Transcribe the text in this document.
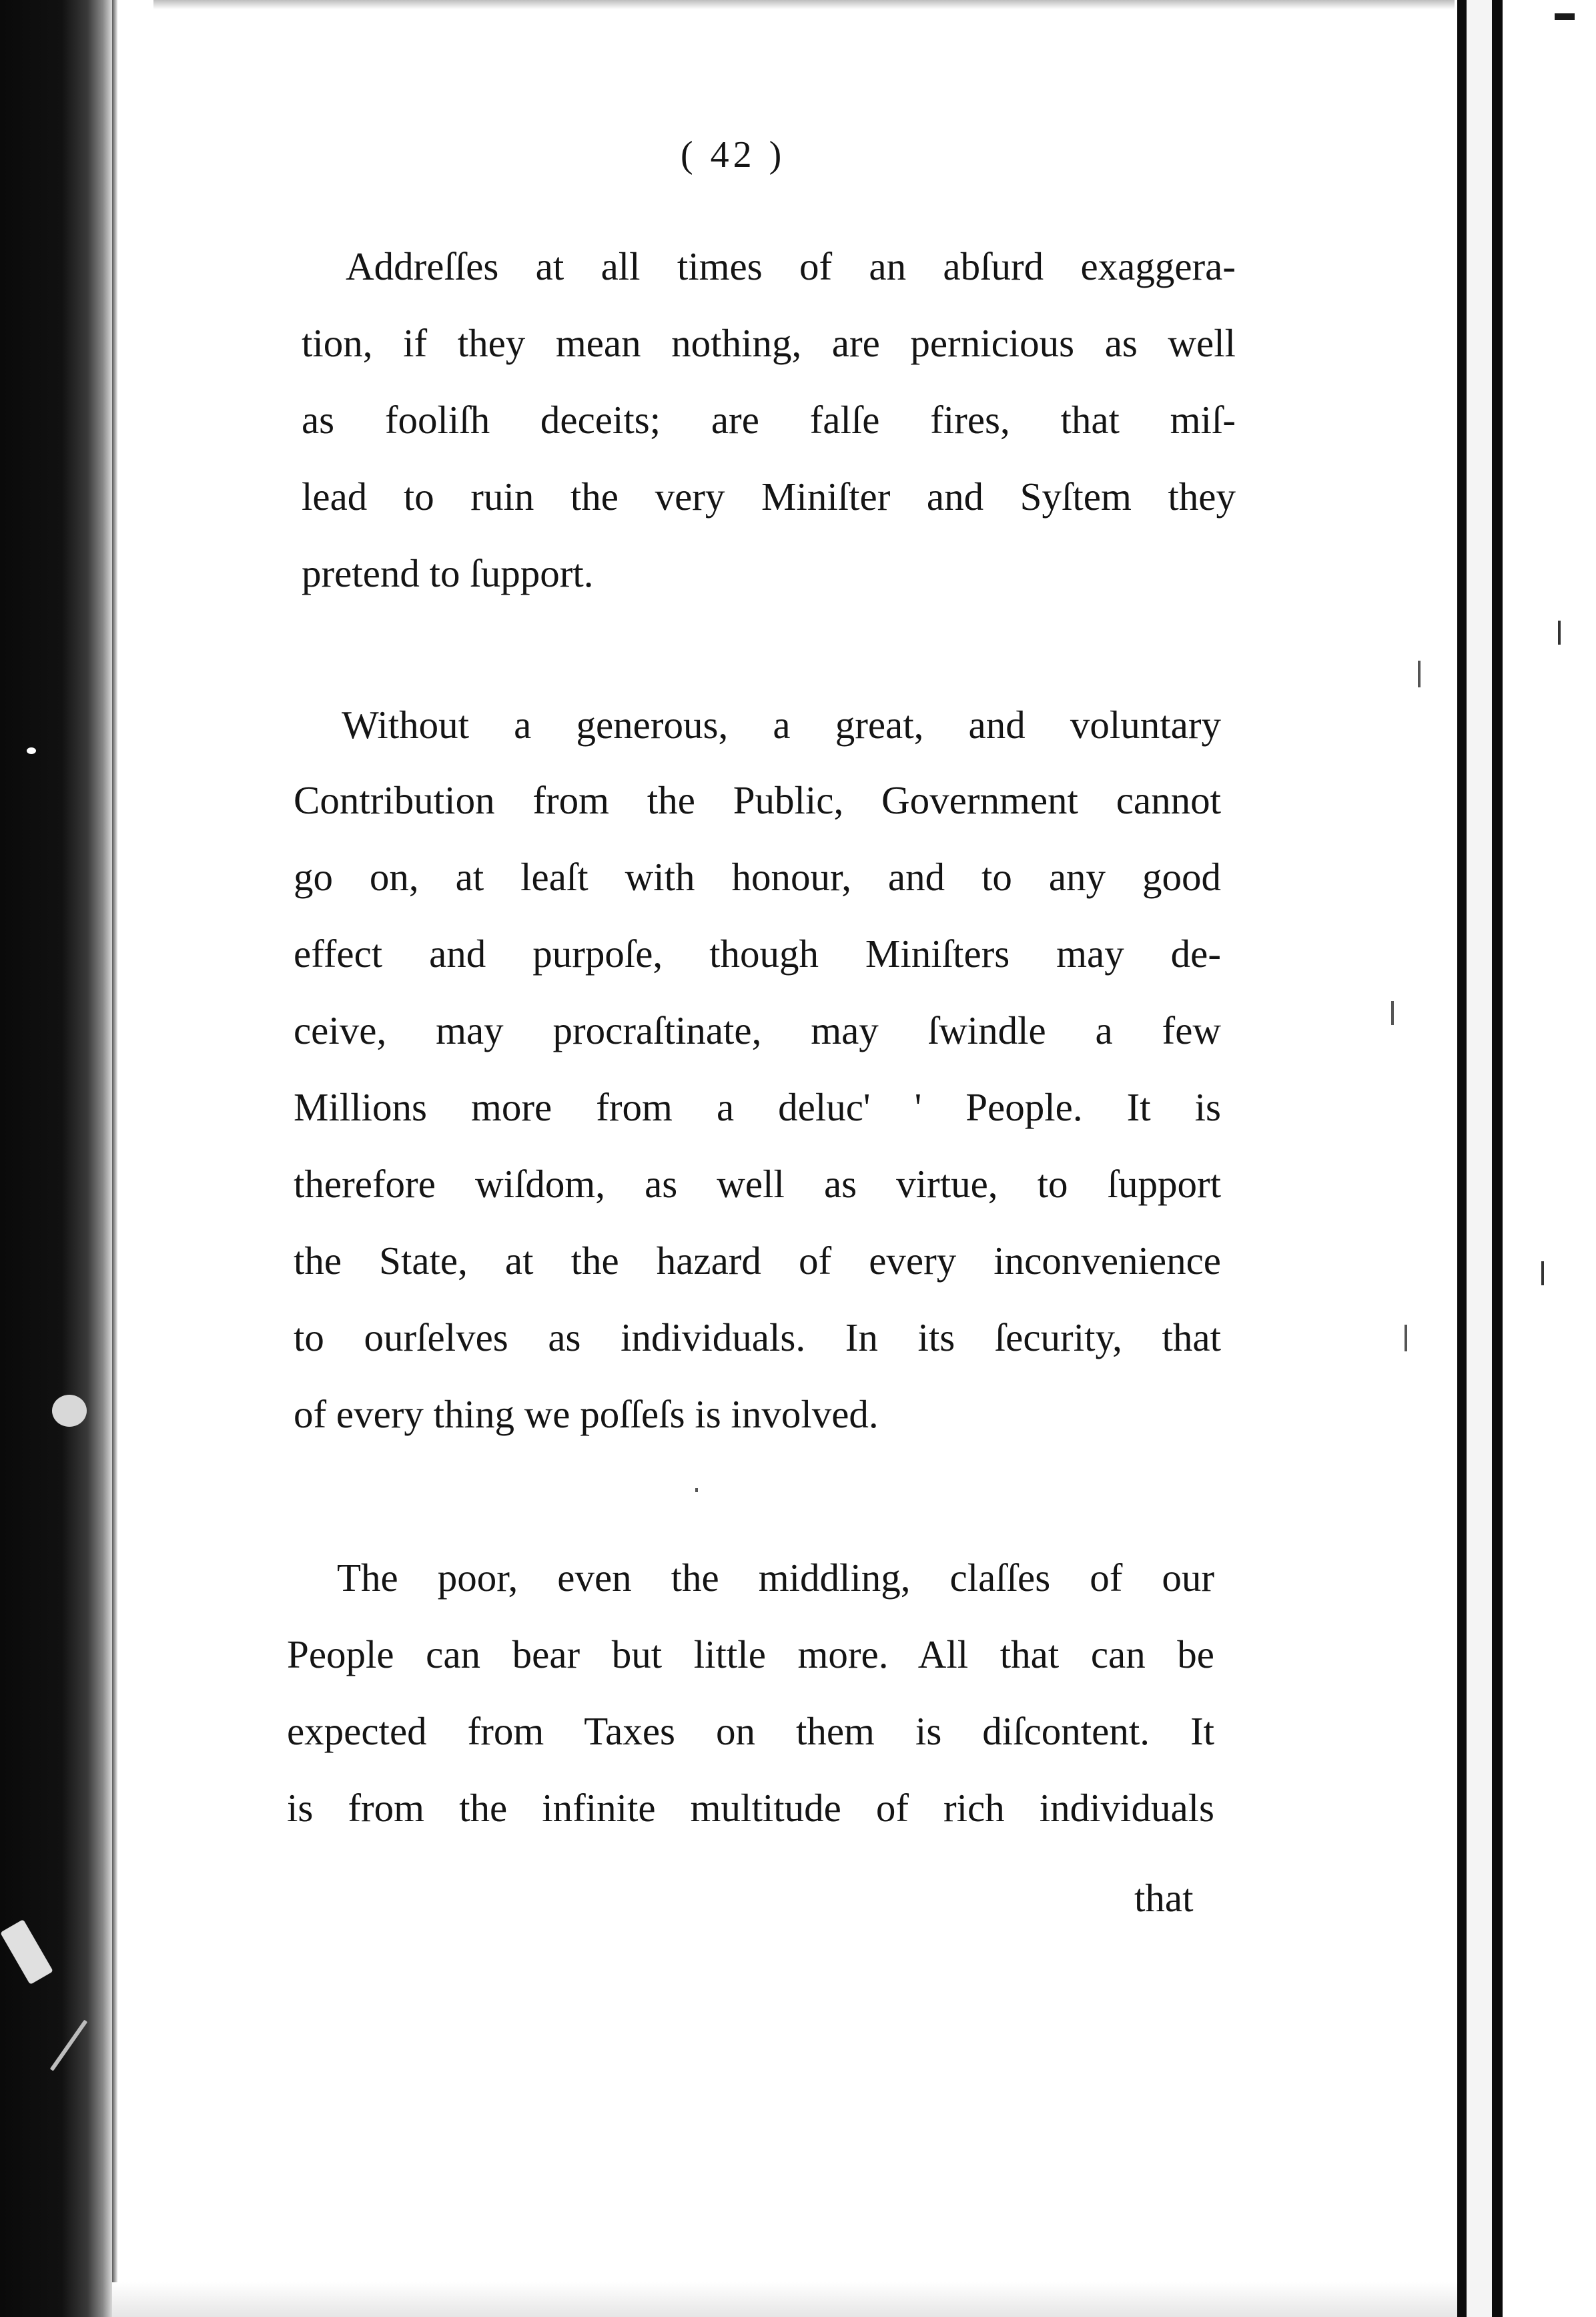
( 42 )
Addreſſes at all times of an abſurd exaggera-
tion, if they mean nothing, are pernicious as well
as fooliſh deceits; are falſe fires, that miſ-
lead to ruin the very Miniſter and Syſtem they
pretend to ſupport.
Without a generous, a great, and voluntary
Contribution from the Public, Government cannot
go on, at leaſt with honour, and to any good
effect and purpoſe, though Miniſters may de-
ceive, may procraſtinate, may ſwindle a few
Millions more from a deluc' ' People. It is
therefore wiſdom, as well as virtue, to ſupport
the State, at the hazard of every inconvenience
to ourſelves as individuals. In its ſecurity, that
of every thing we poſſeſs is involved.
The poor, even the middling, claſſes of our
People can bear but little more. All that can be
expected from Taxes on them is diſcontent. It
is from the infinite multitude of rich individuals
that
